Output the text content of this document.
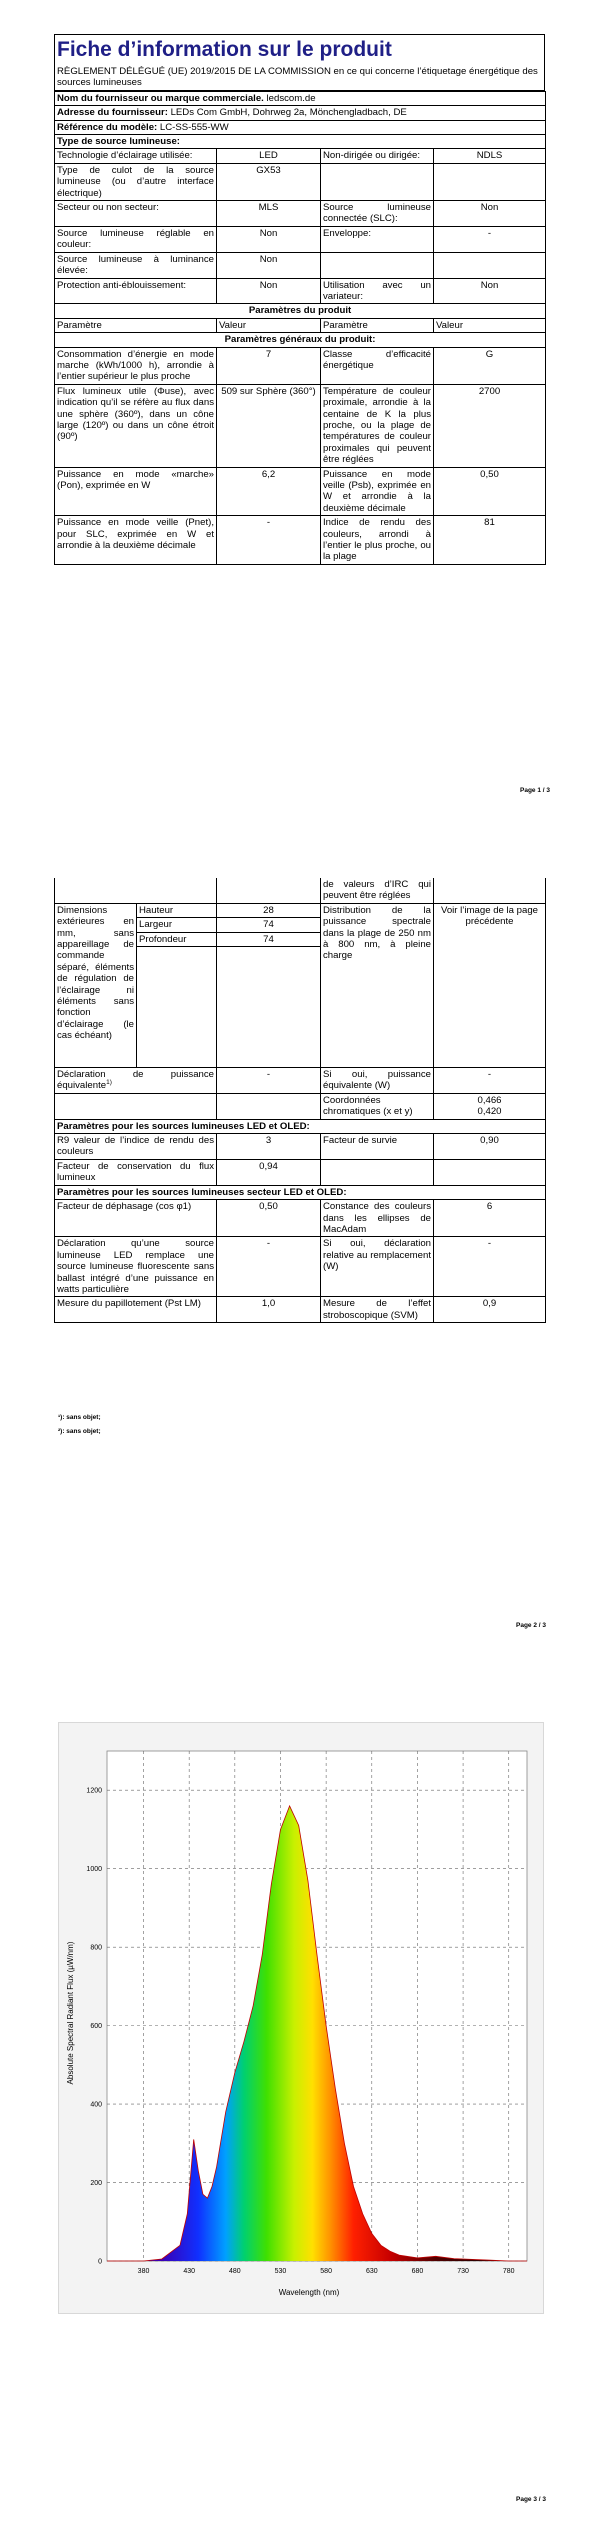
Fiche d’information sur le produit
RÈGLEMENT DÉLÉGUÉ (UE) 2019/2015 DE LA COMMISSION en ce qui concerne l’étiquetage énergétique des sources lumineuses
Nom du fournisseur ou marque commerciale. ledscom.de			
Adresse du fournisseur: LEDs Com GmbH, Dohrweg 2a, Mönchengladbach, DE			
Référence du modèle: LC-SS-555-WW			
Type de source lumineuse:			
Technologie d’éclairage utilisée:	LED	Non-dirigée ou dirigée:	NDLS
Type de culot de la source lumineuse (ou d’autre interface électrique)	GX53		
Secteur ou non secteur:	MLS	Source lumineuse connectée (SLC):	Non
Source lumineuse réglable en couleur:	Non	Enveloppe:	-
Source lumineuse à luminance élevée:	Non		
Protection anti-éblouissement:	Non	Utilisation avec un variateur:	Non
Paramètres du produit			
Paramètre	Valeur	Paramètre	Valeur
Paramètres généraux du produit:			
Consommation d’énergie en mode marche (kWh/1000 h), arrondie à l’entier supérieur le plus proche	7	Classe d’efficacité énergétique	G
Flux lumineux utile (Φuse), avec indication qu’il se réfère au flux dans une sphère (360º), dans un cône large (120º) ou dans un cône étroit (90º)	509 sur Sphère (360°)	Température de couleur proximale, arrondie à la centaine de K la plus proche, ou la plage de températures de couleur proximales qui peuvent être réglées	2700
Puissance en mode «marche» (Pon), exprimée en W	6,2	Puissance en mode veille (Psb), exprimée en W et arrondie à la deuxième décimale	0,50
Puissance en mode veille (Pnet), pour SLC, exprimée en W et arrondie à la deuxième décimale	-	Indice de rendu des couleurs, arrondi à l’entier le plus proche, ou la plage	81
Page 1 / 3
			de valeurs d’IRC qui peuvent être réglées	
Dimensions extérieures en mm, sans appareillage de commande séparé, éléments de régulation de l’éclairage ni éléments sans fonction d’éclairage (le cas échéant)	Hauteur	28	Distribution de la puissance spectrale dans la plage de 250 nm à 800 nm, à pleine charge	Voir l’image de la page précédente
	Largeur	74		
	Profondeur	74		

Déclaration de puissance équivalente$^{1)}$		-	Si oui, puissance équivalente (W)	-
			Coordonnées chromatiques (x et y)	0,466
0,420
Paramètres pour les sources lumineuses LED et OLED:				
R9 valeur de l’indice de rendu des couleurs		3	Facteur de survie	0,90
Facteur de conservation du flux lumineux		0,94		
Paramètres pour les sources lumineuses secteur LED et OLED:				
Facteur de déphasage (cos φ1)		0,50	Constance des couleurs dans les ellipses de MacAdam	6
Déclaration qu’une source lumineuse LED remplace une source lumineuse fluorescente sans ballast intégré d’une puissance en watts particulière		-	Si oui, déclaration relative au remplacement (W)	-
Mesure du papillotement (Pst LM)		1,0	Mesure de l’effet stroboscopique (SVM)	0,9
¹): sans objet;
²): sans objet;
Page 2 / 3
380	430	480	530	580	630	680	730	780
0
200
400
600
800
1000
1200
Wavelength (nm)
Absolute Spectral Radiant Flux (µW/nm)
Page 3 / 3
